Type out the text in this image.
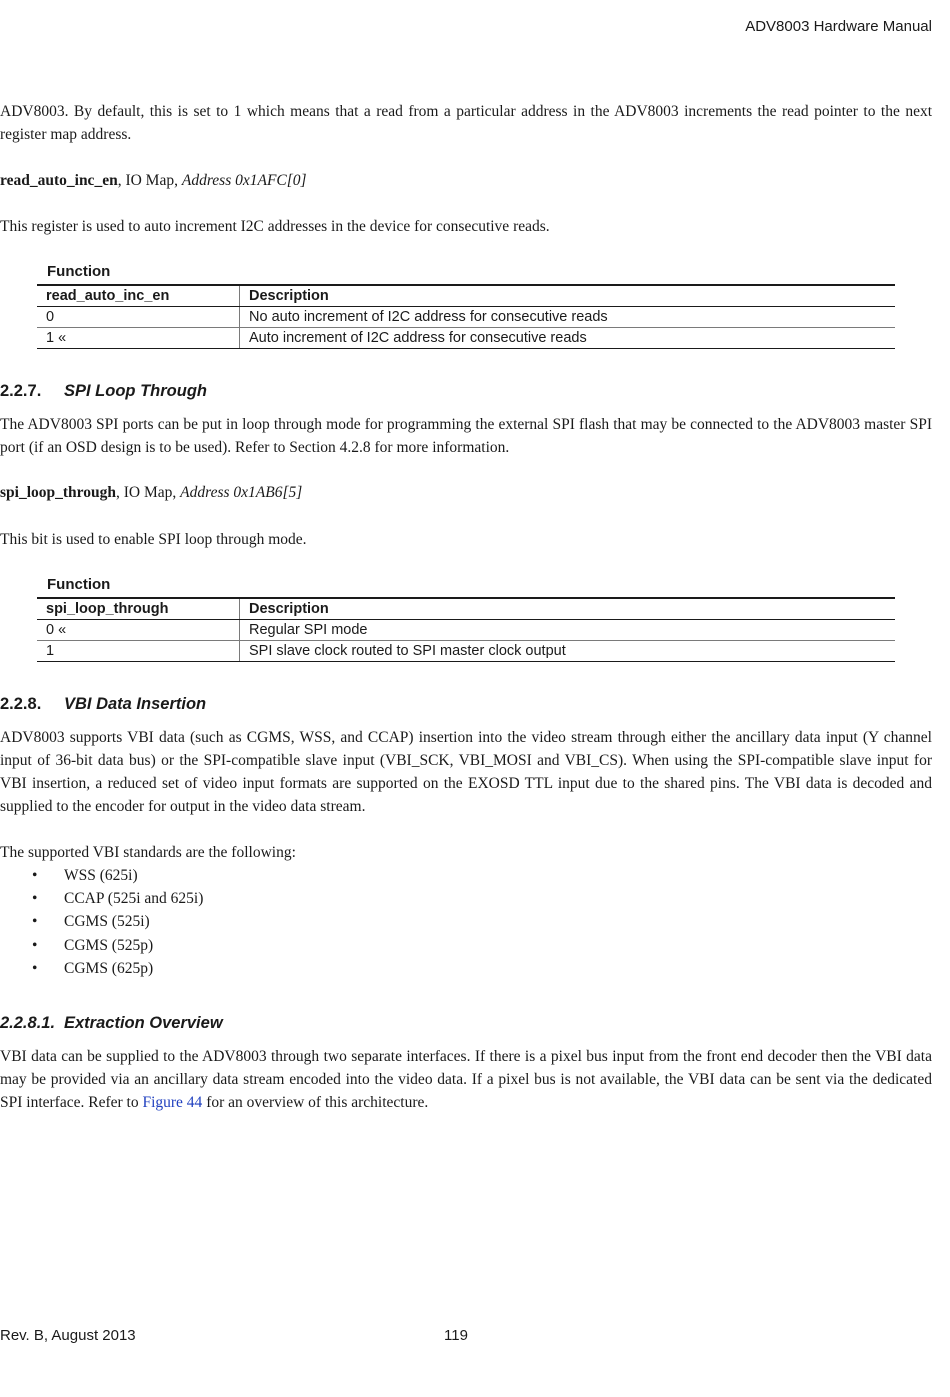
ADV8003 Hardware Manual

ADV8003. By default, this is set to 1 which means that a read from a particular address in the ADV8003 increments the read pointer to the next register map address.

read_auto_inc_en, IO Map, Address 0x1AFC[0]

This register is used to auto increment I2C addresses in the device for consecutive reads.

Function
read_auto_inc_en	Description
0	No auto increment of I2C address for consecutive reads
1 «	Auto increment of I2C address for consecutive reads
2.2.7. SPI Loop Through

The ADV8003 SPI ports can be put in loop through mode for programming the external SPI flash that may be connected to the ADV8003 master SPI port (if an OSD design is to be used). Refer to Section 4.2.8 for more information.

spi_loop_through, IO Map, Address 0x1AB6[5]

This bit is used to enable SPI loop through mode.

Function
spi_loop_through	Description
0 «	Regular SPI mode
1	SPI slave clock routed to SPI master clock output
2.2.8. VBI Data Insertion

ADV8003 supports VBI data (such as CGMS, WSS, and CCAP) insertion into the video stream through either the ancillary data input (Y channel input of 36-bit data bus) or the SPI-compatible slave input (VBI_SCK, VBI_MOSI and VBI_CS). When using the SPI-compatible slave input for VBI insertion, a reduced set of video input formats are supported on the EXOSD TTL input due to the shared pins. The VBI data is decoded and supplied to the encoder for output in the video data stream.

The supported VBI standards are the following:

• WSS (625i)
• CCAP (525i and 625i)
• CGMS (525i)
• CGMS (525p)
• CGMS (625p)
2.2.8.1. Extraction Overview

VBI data can be supplied to the ADV8003 through two separate interfaces. If there is a pixel bus input from the front end decoder then the VBI data may be provided via an ancillary data stream encoded into the video data. If a pixel bus is not available, the VBI data can be sent via the dedicated SPI interface. Refer to Figure 44 for an overview of this architecture.

Rev. B, August 2013	119
